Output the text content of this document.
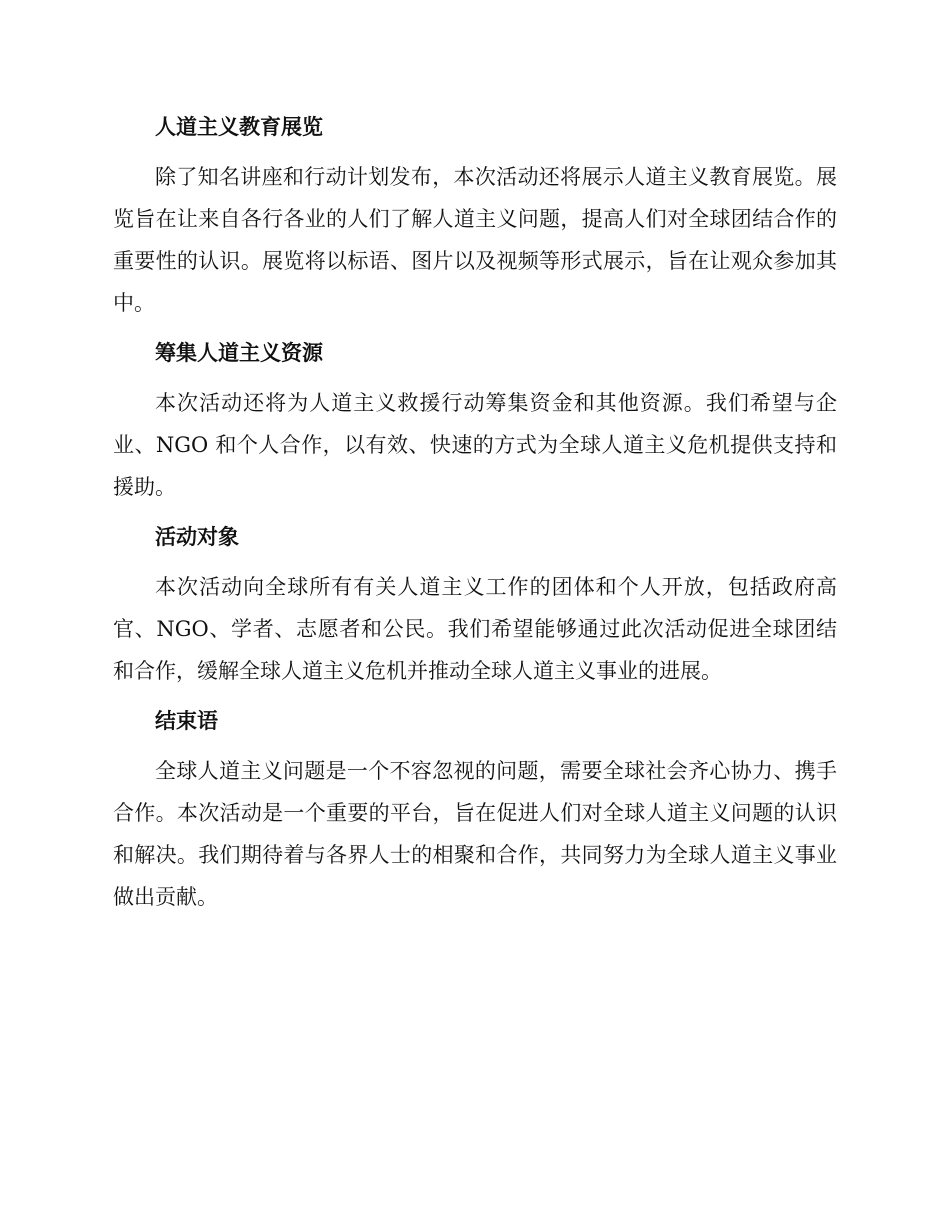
人道主义教育展览

除了知名讲座和行动计划发布，本次活动还将展示人道主义教育展览。展览旨在让来自各行各业的人们了解人道主义问题，提高人们对全球团结合作的重要性的认识。展览将以标语、图片以及视频等形式展示，旨在让观众参加其中。

筹集人道主义资源

本次活动还将为人道主义救援行动筹集资金和其他资源。我们希望与企业、NGO 和个人合作，以有效、快速的方式为全球人道主义危机提供支持和援助。

活动对象

本次活动向全球所有有关人道主义工作的团体和个人开放，包括政府高官、NGO、学者、志愿者和公民。我们希望能够通过此次活动促进全球团结和合作，缓解全球人道主义危机并推动全球人道主义事业的进展。

结束语

全球人道主义问题是一个不容忽视的问题，需要全球社会齐心协力、携手合作。本次活动是一个重要的平台，旨在促进人们对全球人道主义问题的认识和解决。我们期待着与各界人士的相聚和合作，共同努力为全球人道主义事业做出贡献。
